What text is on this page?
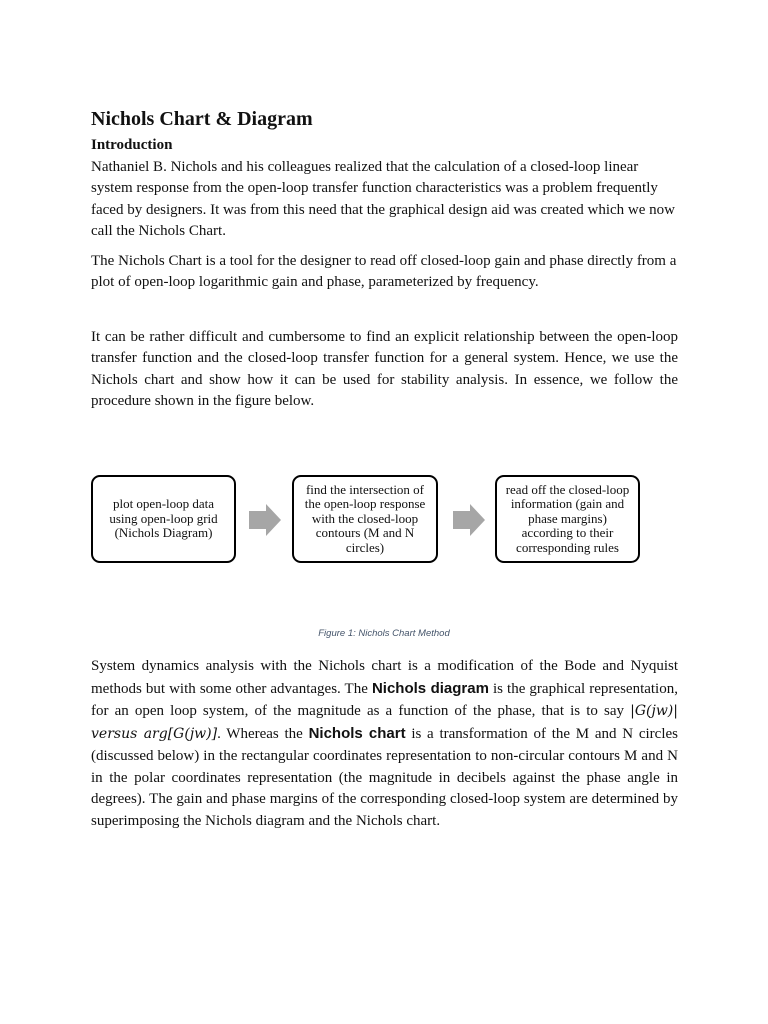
Nichols Chart & Diagram
Introduction

Nathaniel B. Nichols and his colleagues realized that the calculation of a closed-loop linear system response from the open-loop transfer function characteristics was a problem frequently faced by designers. It was from this need that the graphical design aid was created which we now call the Nichols Chart.

The Nichols Chart is a tool for the designer to read off closed-loop gain and phase directly from a plot of open-loop logarithmic gain and phase, parameterized by frequency.

It can be rather difficult and cumbersome to find an explicit relationship between the open-loop transfer function and the closed-loop transfer function for a general system. Hence, we use the Nichols chart and show how it can be used for stability analysis. In essence, we follow the procedure shown in the figure below.

System dynamics analysis with the Nichols chart is a modification of the Bode and Nyquist methods but with some other advantages. The Nichols diagram is the graphical representation, for an open loop system, of the magnitude as a function of the phase, that is to say |G(jw)| versus arg[G(jw)]. Whereas the Nichols chart is a transformation of the M and N circles (discussed below) in the rectangular coordinates representation to non-circular contours M and N in the polar coordinates representation (the magnitude in decibels against the phase angle in degrees). The gain and phase margins of the corresponding closed-loop system are determined by superimposing the Nichols diagram and the Nichols chart.

plot open-loop data using open-loop grid (Nichols Diagram)
find the intersection of the open-loop response with the closed-loop contours (M and N circles)
read off the closed-loop information (gain and phase margins) according to their corresponding rules
Figure 1: Nichols Chart Method
